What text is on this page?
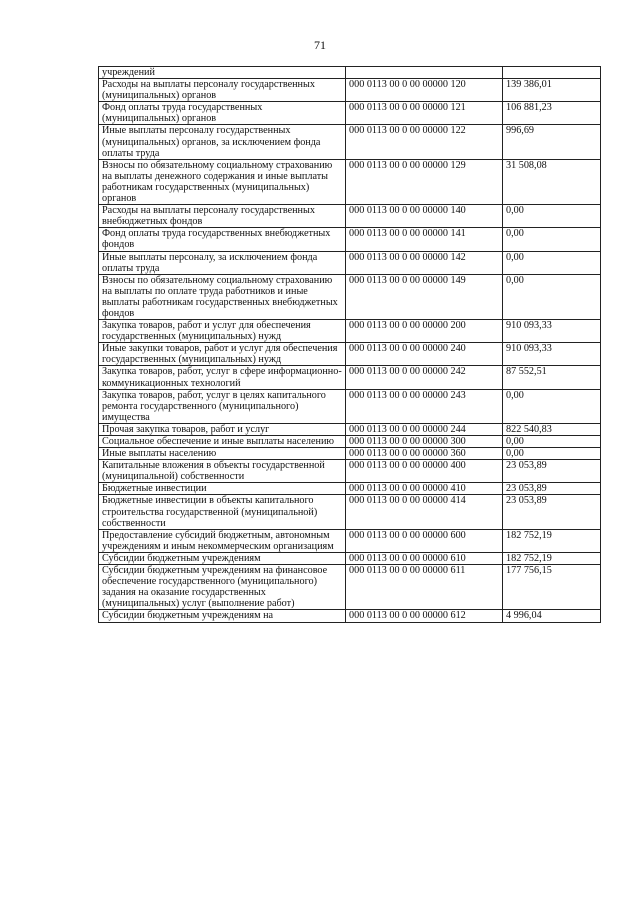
71
учреждений		
Расходы на выплаты персоналу государственных (муниципальных) органов	000 0113 00 0 00 00000 120	139 386,01
Фонд оплаты труда государственных (муниципальных) органов	000 0113 00 0 00 00000 121	106 881,23
Иные выплаты персоналу государственных (муниципальных) органов, за исключением фонда оплаты труда	000 0113 00 0 00 00000 122	996,69
Взносы по обязательному социальному страхованию на выплаты денежного содержания и иные выплаты работникам государственных (муниципальных) органов	000 0113 00 0 00 00000 129	31 508,08
Расходы на выплаты персоналу государственных внебюджетных фондов	000 0113 00 0 00 00000 140	0,00
Фонд оплаты труда государственных внебюджетных фондов	000 0113 00 0 00 00000 141	0,00
Иные выплаты персоналу, за исключением фонда оплаты труда	000 0113 00 0 00 00000 142	0,00
Взносы по обязательному социальному страхованию на выплаты по оплате труда работников и иные выплаты работникам государственных внебюджетных фондов	000 0113 00 0 00 00000 149	0,00
Закупка товаров, работ и услуг для обеспечения государственных (муниципальных) нужд	000 0113 00 0 00 00000 200	910 093,33
Иные закупки товаров, работ и услуг для обеспечения государственных (муниципальных) нужд	000 0113 00 0 00 00000 240	910 093,33
Закупка товаров, работ, услуг в сфере информационно-коммуникационных технологий	000 0113 00 0 00 00000 242	87 552,51
Закупка товаров, работ, услуг в целях капитального ремонта государственного (муниципального) имущества	000 0113 00 0 00 00000 243	0,00
Прочая закупка товаров, работ и услуг	000 0113 00 0 00 00000 244	822 540,83
Социальное обеспечение и иные выплаты населению	000 0113 00 0 00 00000 300	0,00
Иные выплаты населению	000 0113 00 0 00 00000 360	0,00
Капитальные вложения в объекты государственной (муниципальной) собственности	000 0113 00 0 00 00000 400	23 053,89
Бюджетные инвестиции	000 0113 00 0 00 00000 410	23 053,89
Бюджетные инвестиции в объекты капитального строительства государственной (муниципальной) собственности	000 0113 00 0 00 00000 414	23 053,89
Предоставление субсидий бюджетным, автономным учреждениям и иным некоммерческим организациям	000 0113 00 0 00 00000 600	182 752,19
Субсидии бюджетным учреждениям	000 0113 00 0 00 00000 610	182 752,19
Субсидии бюджетным учреждениям на финансовое обеспечение государственного (муниципального) задания на оказание государственных (муниципальных) услуг (выполнение работ)	000 0113 00 0 00 00000 611	177 756,15
Субсидии бюджетным учреждениям на	000 0113 00 0 00 00000 612	4 996,04
